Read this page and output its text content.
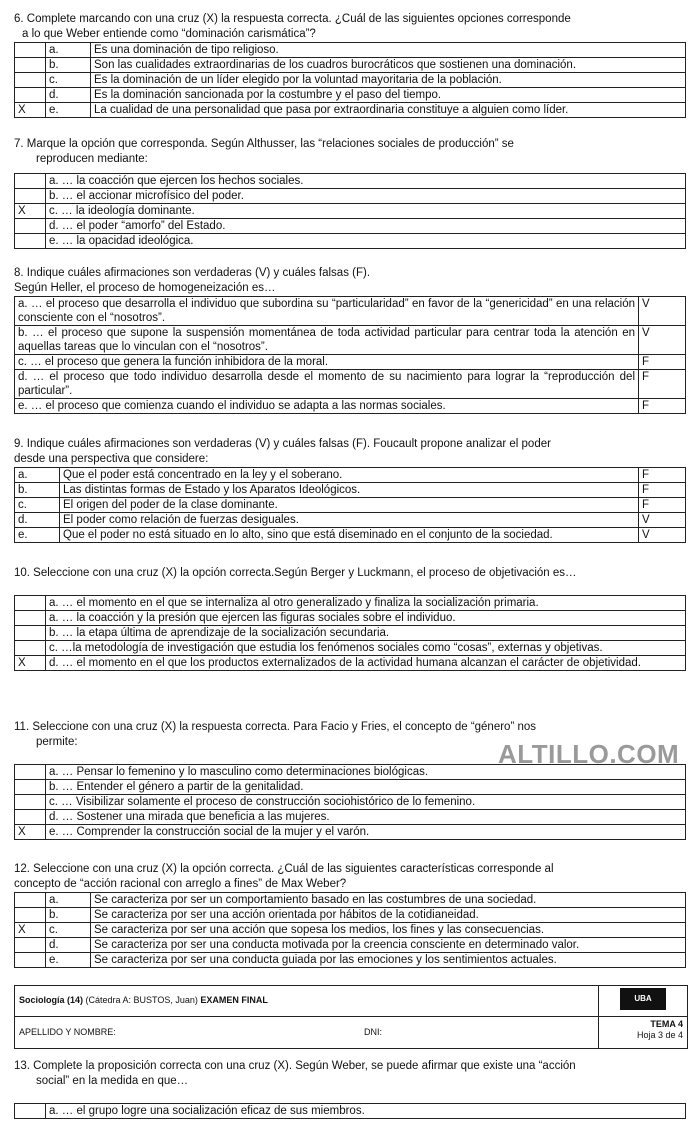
6. Complete marcando con una cruz (X) la respuesta correcta. ¿Cuál de las siguientes opciones corresponde

a lo que Weber entiende como “dominación carismática”?

	a.	Es una dominación de tipo religioso.
	b.	Son las cualidades extraordinarias de los cuadros burocráticos que sostienen una dominación.
	c.	Es la dominación de un líder elegido por la voluntad mayoritaria de la población.
	d.	Es la dominación sancionada por la costumbre y el paso del tiempo.
X	e.	La cualidad de una personalidad que pasa por extraordinaria constituye a alguien como líder.

7. Marque la opción que corresponda. Según Althusser, las “relaciones sociales de producción” se

reproducen mediante:

	a. … la coacción que ejercen los hechos sociales.
	b. … el accionar microfísico del poder.
X	c. … la ideología dominante.
	d. … el poder “amorfo” del Estado.
	e. … la opacidad ideológica.

8. Indique cuáles afirmaciones son verdaderas (V) y cuáles falsas (F).

Según Heller, el proceso de homogeneización es…

a. … el proceso que desarrolla el individuo que subordina su “particularidad” en favor de la “genericidad” en una relación consciente con el “nosotros”.	V
b. … el proceso que supone la suspensión momentánea de toda actividad particular para centrar toda la atención en aquellas tareas que lo vinculan con el “nosotros”.	V
c. … el proceso que genera la función inhibidora de la moral.	F
d. … el proceso que todo individuo desarrolla desde el momento de su nacimiento para lograr la “reproducción del particular”.	F
e. … el proceso que comienza cuando el individuo se adapta a las normas sociales.	F

9. Indique cuáles afirmaciones son verdaderas (V) y cuáles falsas (F). Foucault propone analizar el poder

desde una perspectiva que considere:

a.	Que el poder está concentrado en la ley y el soberano.	F
b.	Las distintas formas de Estado y los Aparatos Ideológicos.	F
c.	El origen del poder de la clase dominante.	F
d.	El poder como relación de fuerzas desiguales.	V
e.	Que el poder no está situado en lo alto, sino que está diseminado en el conjunto de la sociedad.	V

10. Seleccione con una cruz (X) la opción correcta.Según Berger y Luckmann, el proceso de objetivación es…

	a. … el momento en el que se internaliza al otro generalizado y finaliza la socialización primaria.
	a. … la coacción y la presión que ejercen las figuras sociales sobre el individuo.
	b. … la etapa última de aprendizaje de la socialización secundaria.
	c. …la metodología de investigación que estudia los fenómenos sociales como “cosas”, externas y objetivas.
X	d. … el momento en el que los productos externalizados de la actividad humana alcanzan el carácter de objetividad.

11. Seleccione con una cruz (X) la respuesta correcta. Para Facio y Fries, el concepto de “género” nos

permite:

	a. … Pensar lo femenino y lo masculino como determinaciones biológicas.
	b. … Entender el género a partir de la genitalidad.
	c. … Visibilizar solamente el proceso de construcción sociohistórico de lo femenino.
	d. … Sostener una mirada que beneficia a las mujeres.
X	e. … Comprender la construcción social de la mujer y el varón.
ALTILLO.COM

12. Seleccione con una cruz (X) la opción correcta. ¿Cuál de las siguientes características corresponde al

concepto de “acción racional con arreglo a fines” de Max Weber?

	a.	Se caracteriza por ser un comportamiento basado en las costumbres de una sociedad.
	b.	Se caracteriza por ser una acción orientada por hábitos de la cotidianeidad.
X	c.	Se caracteriza por ser una acción que sopesa los medios, los fines y las consecuencias.
	d.	Se caracteriza por ser una conducta motivada por la creencia consciente en determinado valor.
	e.	Se caracteriza por ser una conducta guiada por las emociones y los sentimientos actuales.
Sociología (14) (Cátedra A: BUSTOS, Juan) EXAMEN FINAL	UBA
APELLIDO Y NOMBRE:	DNI:
TEMA 4
Hoja 3 de 4

13. Complete la proposición correcta con una cruz (X). Según Weber, se puede afirmar que existe una “acción

social” en la medida en que…

	a. … el grupo logre una socialización eficaz de sus miembros.
